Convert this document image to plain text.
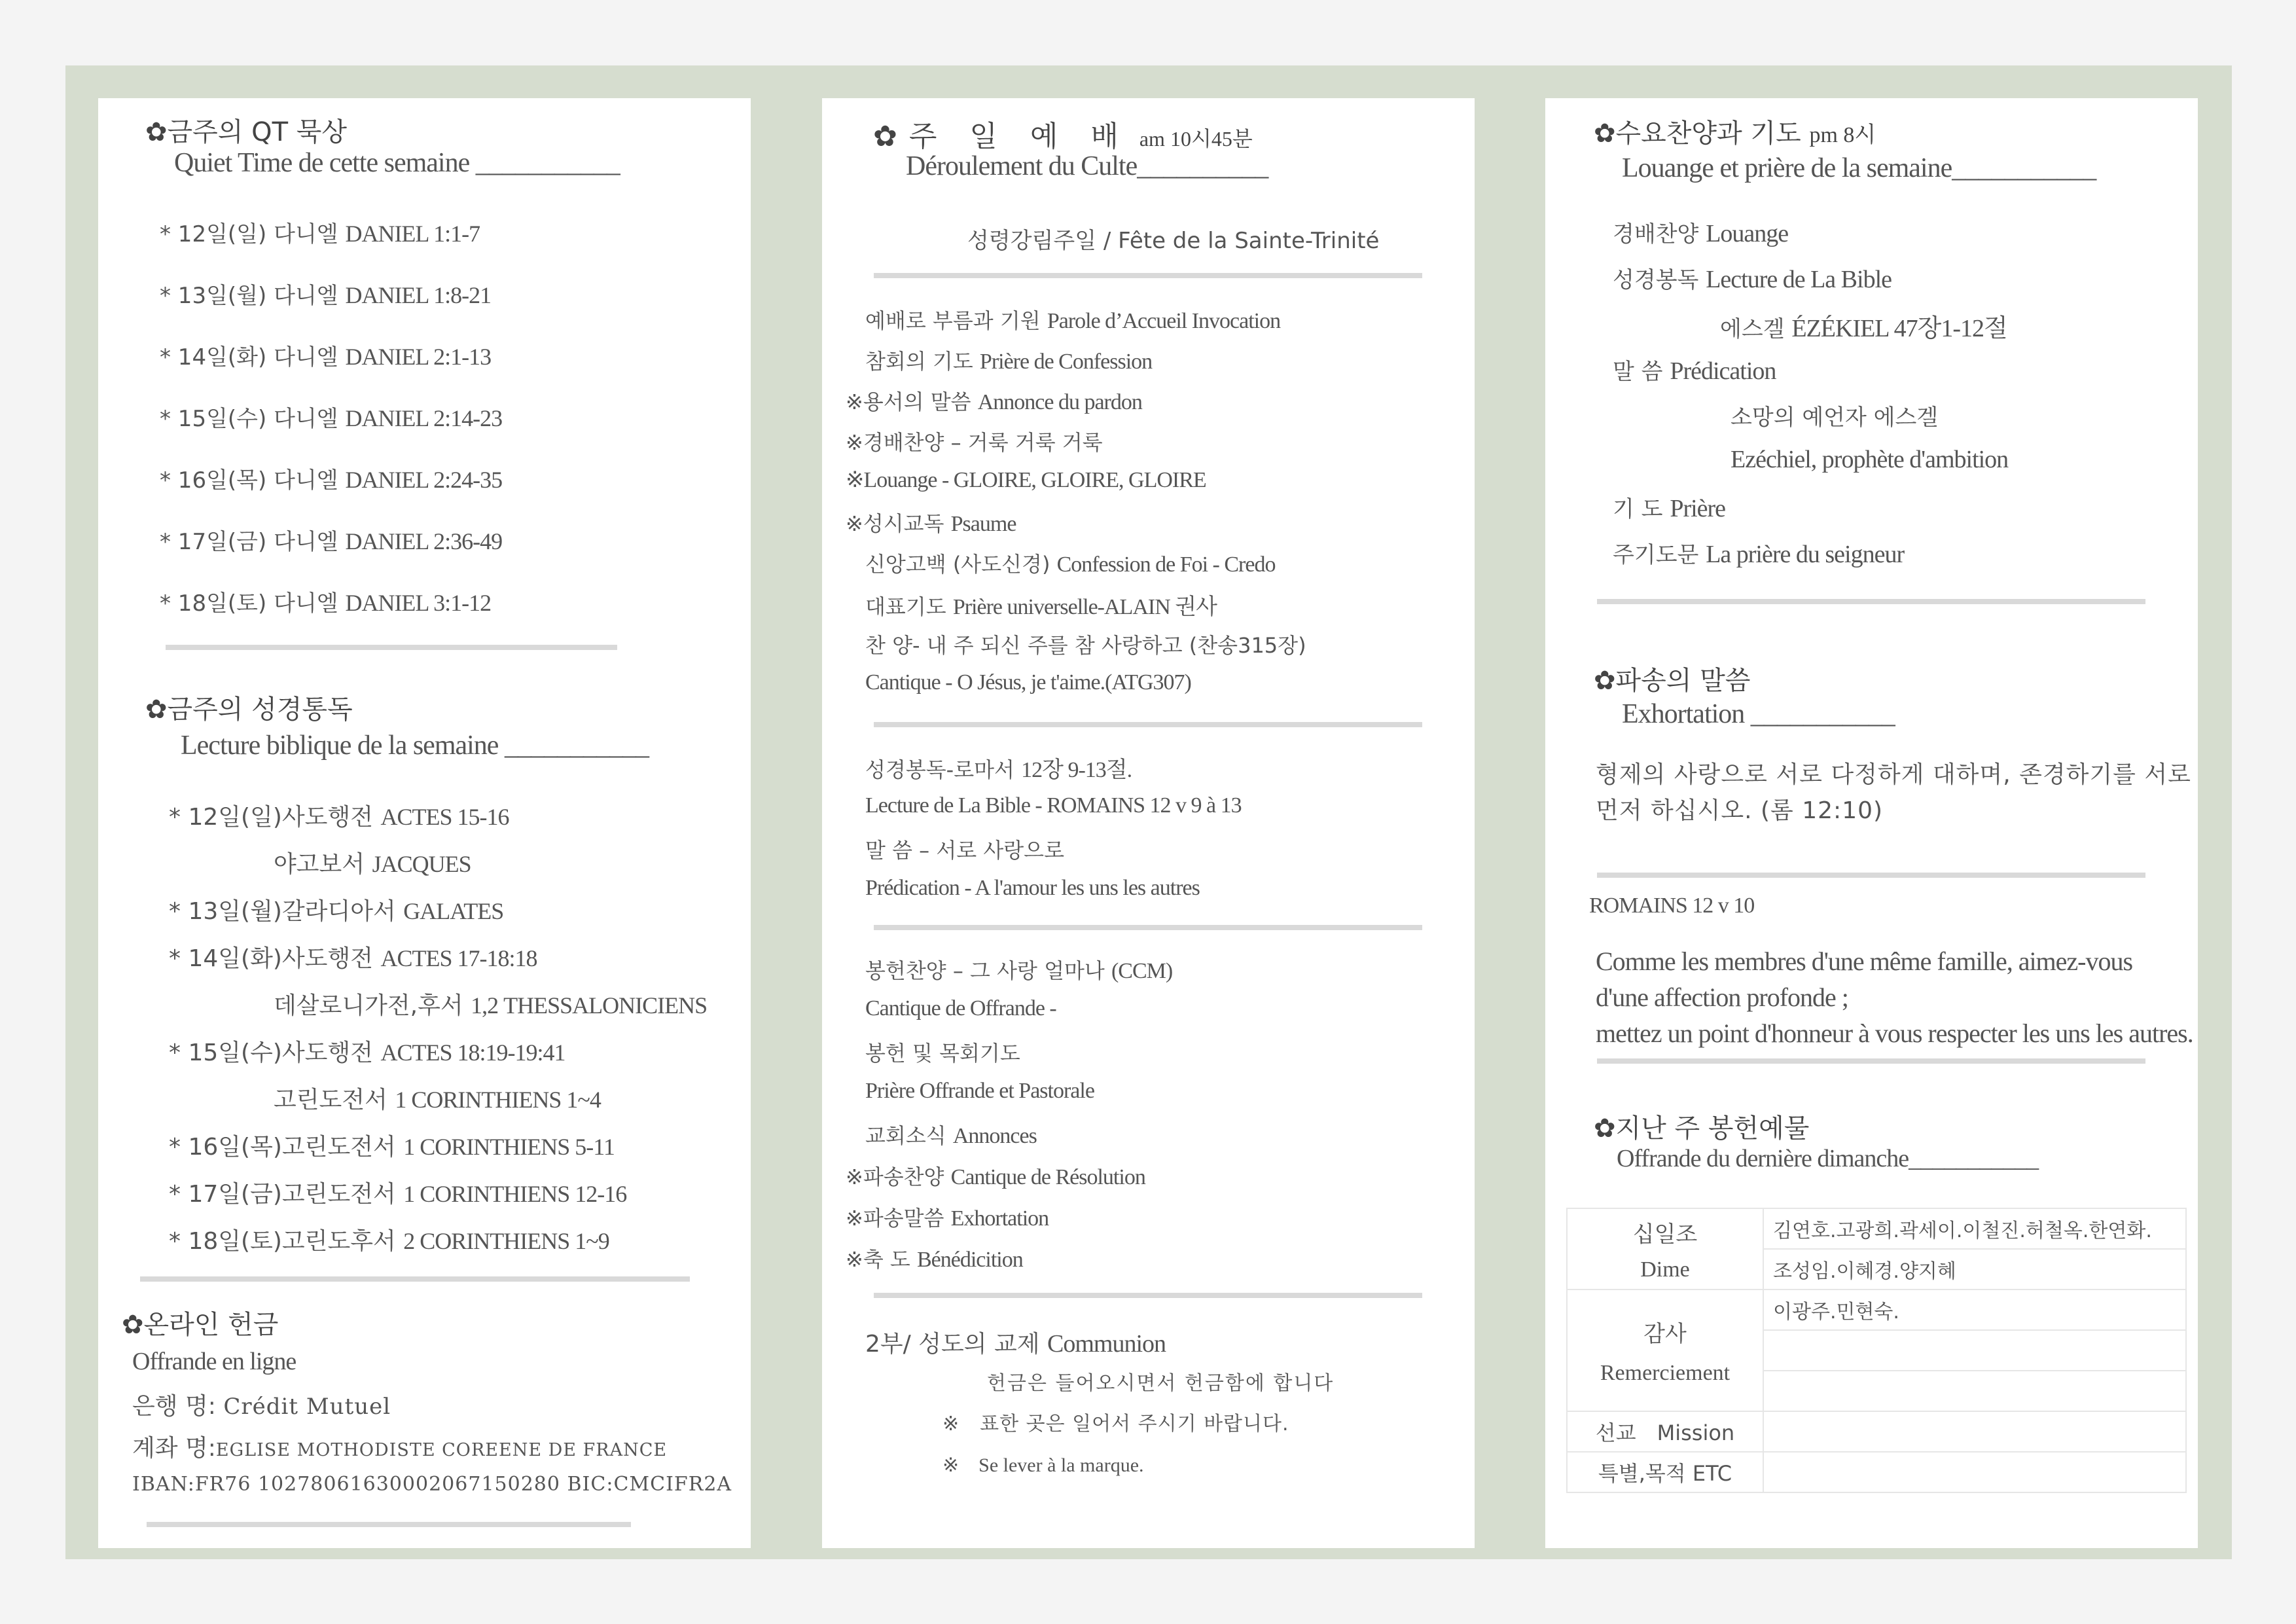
✿금주의 QT 묵상
Quiet Time de cette semaine ___________
* 12일(일) 다니엘 DANIEL 1:1-7
* 13일(월) 다니엘 DANIEL 1:8-21
* 14일(화) 다니엘 DANIEL 2:1-13
* 15일(수) 다니엘 DANIEL 2:14-23
* 16일(목) 다니엘 DANIEL 2:24-35
* 17일(금) 다니엘 DANIEL 2:36-49
* 18일(토) 다니엘 DANIEL 3:1-12
✿금주의 성경통독
Lecture biblique de la semaine ___________
* 12일(일)사도행전 ACTES 15-16
야고보서 JACQUES
* 13일(월)갈라디아서 GALATES
* 14일(화)사도행전 ACTES 17-18:18
데살로니가전,후서 1,2 THESSALONICIENS
* 15일(수)사도행전 ACTES 18:19-19:41
고린도전서 1 CORINTHIENS 1~4
* 16일(목)고린도전서 1 CORINTHIENS 5-11
* 17일(금)고린도전서 1 CORINTHIENS 12-16
* 18일(토)고린도후서 2 CORINTHIENS 1~9
✿온라인 헌금
Offrande en ligne
은행 명: Crédit Mutuel
계좌 명:EGLISE MOTHODISTE COREENE DE FRANCE
IBAN:FR76 10278061630002067150280 BIC:CMCIFR2A
✿주 일 예 배 am 10시45분
Déroulement du Culte__________
성령강림주일 / Fête de la Sainte-Trinité
예배로 부름과 기원 Parole d’Accueil Invocation
참회의 기도 Prière de Confession
※용서의 말씀 Annonce du pardon
※경배찬양 – 거룩 거룩 거룩
※Louange - GLOIRE, GLOIRE, GLOIRE
※성시교독 Psaume
신앙고백 (사도신경) Confession de Foi - Credo
대표기도 Prière universelle-ALAIN 권사
찬 양- 내 주 되신 주를 참 사랑하고 (찬송315장)
Cantique - O Jésus, je t'aime.(ATG307)
성경봉독-로마서 12장 9-13절.
Lecture de La Bible - ROMAINS 12 v 9 à 13
말 씀 – 서로 사랑으로
Prédication - A l'amour les uns les autres
봉헌찬양 – 그 사랑 얼마나 (CCM)
Cantique de Offrande -
봉헌 및 목회기도
Prière Offrande et Pastorale
교회소식 Annonces
※파송찬양 Cantique de Résolution
※파송말씀 Exhortation
※축 도 Bénédicition
2부/ 성도의 교제 Communion
헌금은 들어오시면서 헌금함에 합니다
※　표한 곳은 일어서 주시기 바랍니다.
※　Se lever à la marque.
✿수요찬양과 기도 pm 8시
Louange et prière de la semaine___________
경배찬양 Louange
성경봉독 Lecture de La Bible
에스겔 ÉZÉKIEL 47장1-12절
말 씀 Prédication
소망의 예언자 에스겔
Ezéchiel, prophète d'ambition
기 도 Prière
주기도문 La prière du seigneur
✿파송의 말씀
Exhortation ___________
형제의 사랑으로 서로 다정하게 대하며, 존경하기를 서로
먼저 하십시오. (롬 12:10)
ROMAINS 12 v 10
Comme les membres d'une même famille, aimez-vous
d'une affection profonde ;
mettez un point d'honneur à vous respecter les uns les autres.
✿지난 주 봉헌예물
Offrande du dernière dimanche___________
십일조
Dime	김연호.고광희.곽세이.이철진.허철옥.한연화.
	조성임.이혜경.양지혜

감사
Remerciement	이광주.민현숙.

선교　Mission	
특별,목적 ETC	
